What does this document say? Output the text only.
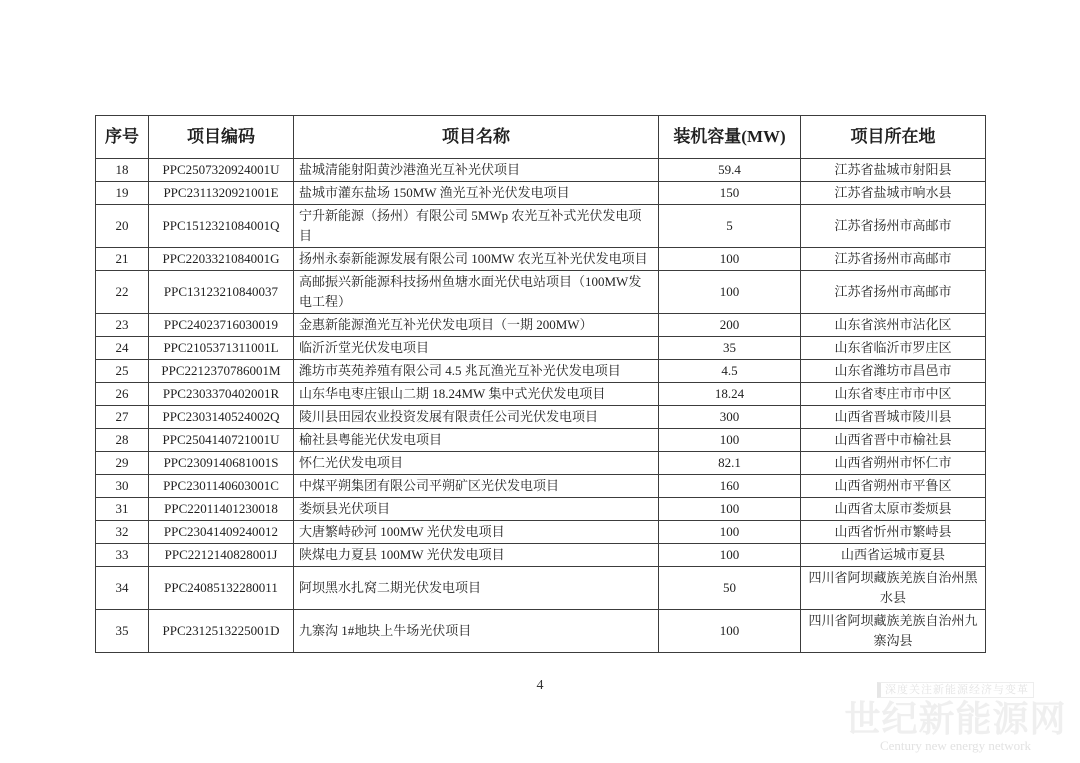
序号	项目编码	项目名称	装机容量(MW)	项目所在地
18	PPC2507320924001U	盐城清能射阳黄沙港渔光互补光伏项目	59.4	江苏省盐城市射阳县
19	PPC2311320921001E	盐城市灌东盐场 150MW 渔光互补光伏发电项目	150	江苏省盐城市响水县
20	PPC1512321084001Q	宁升新能源（扬州）有限公司 5MWp 农光互补式光伏发电项目	5	江苏省扬州市高邮市
21	PPC2203321084001G	扬州永泰新能源发展有限公司 100MW 农光互补光伏发电项目	100	江苏省扬州市高邮市
22	PPC13123210840037	高邮振兴新能源科技扬州鱼塘水面光伏电站项目（100MW发电工程）	100	江苏省扬州市高邮市
23	PPC24023716030019	金惠新能源渔光互补光伏发电项目（一期 200MW）	200	山东省滨州市沾化区
24	PPC2105371311001L	临沂沂堂光伏发电项目	35	山东省临沂市罗庄区
25	PPC2212370786001M	潍坊市英苑养殖有限公司 4.5 兆瓦渔光互补光伏发电项目	4.5	山东省潍坊市昌邑市
26	PPC2303370402001R	山东华电枣庄银山二期 18.24MW 集中式光伏发电项目	18.24	山东省枣庄市市中区
27	PPC2303140524002Q	陵川县田园农业投资发展有限责任公司光伏发电项目	300	山西省晋城市陵川县
28	PPC2504140721001U	榆社县粤能光伏发电项目	100	山西省晋中市榆社县
29	PPC2309140681001S	怀仁光伏发电项目	82.1	山西省朔州市怀仁市
30	PPC2301140603001C	中煤平朔集团有限公司平朔矿区光伏发电项目	160	山西省朔州市平鲁区
31	PPC22011401230018	娄烦县光伏项目	100	山西省太原市娄烦县
32	PPC23041409240012	大唐繁峙砂河 100MW 光伏发电项目	100	山西省忻州市繁峙县
33	PPC2212140828001J	陕煤电力夏县 100MW 光伏发电项目	100	山西省运城市夏县
34	PPC24085132280011	阿坝黑水扎窝二期光伏发电项目	50	四川省阿坝藏族羌族自治州黑水县
35	PPC2312513225001D	九寨沟 1#地块上牛场光伏项目	100	四川省阿坝藏族羌族自治州九寨沟县
4	深度关注新能源经济与变革
世纪新能源网
Century new energy network
